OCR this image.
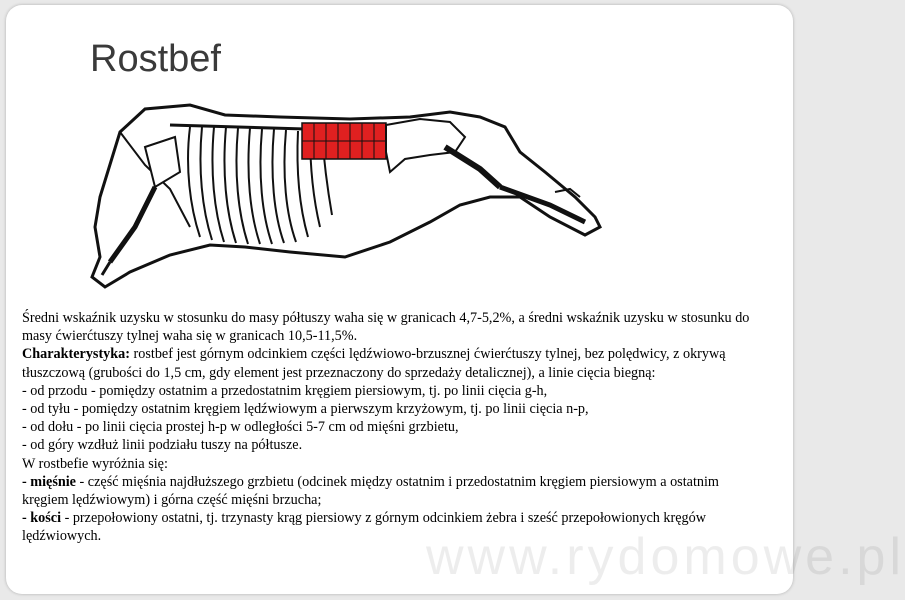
Rostbef

Średni wskaźnik uzysku w stosunku do masy półtuszy waha się w granicach 4,7-5,2%, a średni wskaźnik uzysku w stosunku do masy ćwierćtuszy tylnej waha się w granicach 10,5-11,5%.

Charakterystyka: rostbef jest górnym odcinkiem części lędźwiowo-brzusznej ćwierćtuszy tylnej, bez polędwicy, z okrywą tłuszczową (grubości do 1,5 cm, gdy element jest przeznaczony do sprzedaży detalicznej), a linie cięcia biegną:

- od przodu - pomiędzy ostatnim a przedostatnim kręgiem piersiowym, tj. po linii cięcia g-h,

- od tyłu - pomiędzy ostatnim kręgiem lędźwiowym a pierwszym krzyżowym, tj. po linii cięcia n-p,

- od dołu - po linii cięcia prostej h-p w odległości 5-7 cm od mięśni grzbietu,

- od góry wzdłuż linii podziału tuszy na półtusze.

W rostbefie wyróżnia się:

- mięśnie - część mięśnia najdłuższego grzbietu (odcinek między ostatnim i przedostatnim kręgiem piersiowym a ostatnim kręgiem lędźwiowym) i górna część mięśni brzucha;

- kości - przepołowiony ostatni, tj. trzynasty krąg piersiowy z górnym odcinkiem żebra i sześć przepołowionych kręgów lędźwiowych.	www.rydomowe.pl
